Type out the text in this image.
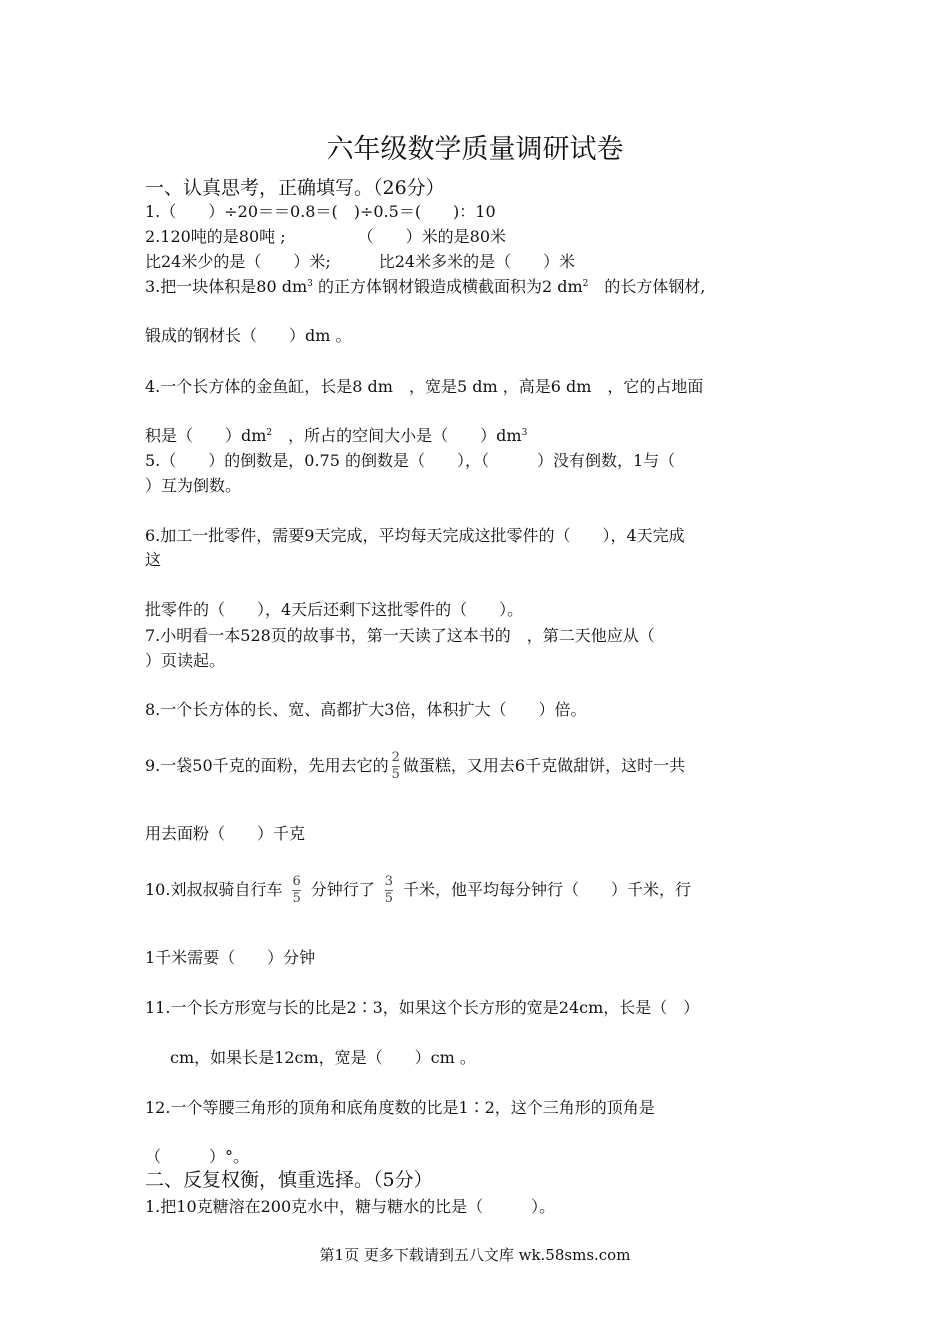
六年级数学质量调研试卷
一、认真思考，正确填写。（26分）
1.（　　）÷20＝＝0.8＝(　)÷0.5＝(　　)：10
2.120吨的是80吨 ;　　　　　（　　）米的是80米
比24米少的是（　　）米;　　　比24米多米的是（　　）米
3.把一块体积是80 $dm^3$ 的正方体钢材锻造成横截面积为2 $dm^2$　的长方体钢材,
锻成的钢材长（　　）dm 。
4.一个长方体的金鱼缸，长是8 dm　，宽是5 dm ，高是6 dm　，它的占地面
积是（　　）$dm^2$　，所占的空间大小是（　　）$dm^3$
5.（　　）的倒数是，0.75 的倒数是（　　），（　　　）没有倒数，1与（
）互为倒数。
6.加工一批零件，需要9天完成，平均每天完成这批零件的（　　），4天完成
这
批零件的（　　），4天后还剩下这批零件的（　　）。
7.小明看一本528页的故事书，第一天读了这本书的　，第二天他应从（
）页读起。
8.一个长方体的长、宽、高都扩大3倍，体积扩大（　　）倍。
9.一袋50千克的面粉，先用去它的 $\frac{2}{5}$ 做蛋糕，又用去6千克做甜饼，这时一共
用去面粉（　　）千克
10.刘叔叔骑自行车 $\frac{6}{5}$ 分钟行了 $\frac{3}{5}$ 千米，他平均每分钟行（　　）千米，行
1千米需要（　　）分钟
11.一个长方形宽与长的比是2∶3，如果这个长方形的宽是24cm，长是（　）
cm，如果长是12cm，宽是（　　）cm 。
12.一个等腰三角形的顶角和底角度数的比是1∶2，这个三角形的顶角是
（　　　）°。
二、反复权衡，慎重选择。（5分）
1.把10克糖溶在200克水中，糖与糖水的比是（　　　）。
第1页 更多下载请到五八文库 wk.58sms.com
